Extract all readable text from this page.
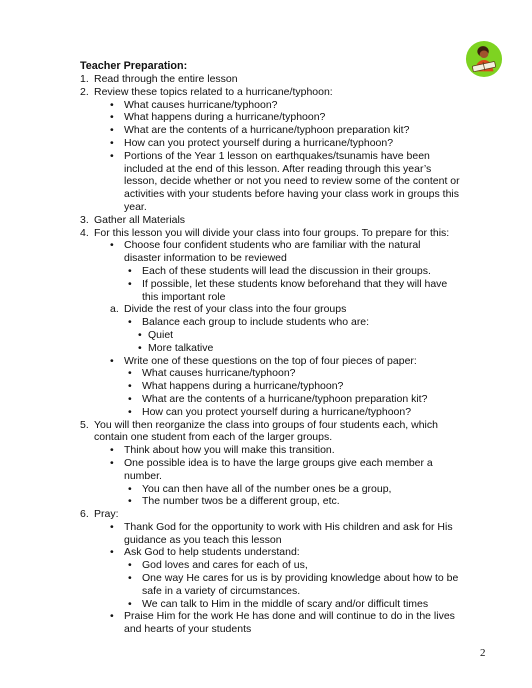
Teacher Preparation:
1. Read through the entire lesson
2. Review these topics related to a hurricane/typhoon:
• What causes hurricane/typhoon?
• What happens during a hurricane/typhoon?
• What are the contents of a hurricane/typhoon preparation kit?
• How can you protect yourself during a hurricane/typhoon?
• Portions of the Year 1 lesson on earthquakes/tsunamis have been included at the end of this lesson. After reading through this year’s lesson, decide whether or not you need to review some of the content or activities with your students before having your class work in groups this year.
3. Gather all Materials
4. For this lesson you will divide your class into four groups. To prepare for this:
• Choose four confident students who are familiar with the natural disaster information to be reviewed
• Each of these students will lead the discussion in their groups.
• If possible, let these students know beforehand that they will have this important role
a. Divide the rest of your class into the four groups
• Balance each group to include students who are:
• Quiet
• More talkative
• Write one of these questions on the top of four pieces of paper:
• What causes hurricane/typhoon?
• What happens during a hurricane/typhoon?
• What are the contents of a hurricane/typhoon preparation kit?
• How can you protect yourself during a hurricane/typhoon?
5. You will then reorganize the class into groups of four students each, which contain one student from each of the larger groups.
• Think about how you will make this transition.
• One possible idea is to have the large groups give each member a number.
• You can then have all of the number ones be a group,
• The number twos be a different group, etc.
6. Pray:
• Thank God for the opportunity to work with His children and ask for His guidance as you teach this lesson
• Ask God to help students understand:
• God loves and cares for each of us,
• One way He cares for us is by providing knowledge about how to be safe in a variety of circumstances.
• We can talk to Him in the middle of scary and/or difficult times
• Praise Him for the work He has done and will continue to do in the lives and hearts of your students
2
